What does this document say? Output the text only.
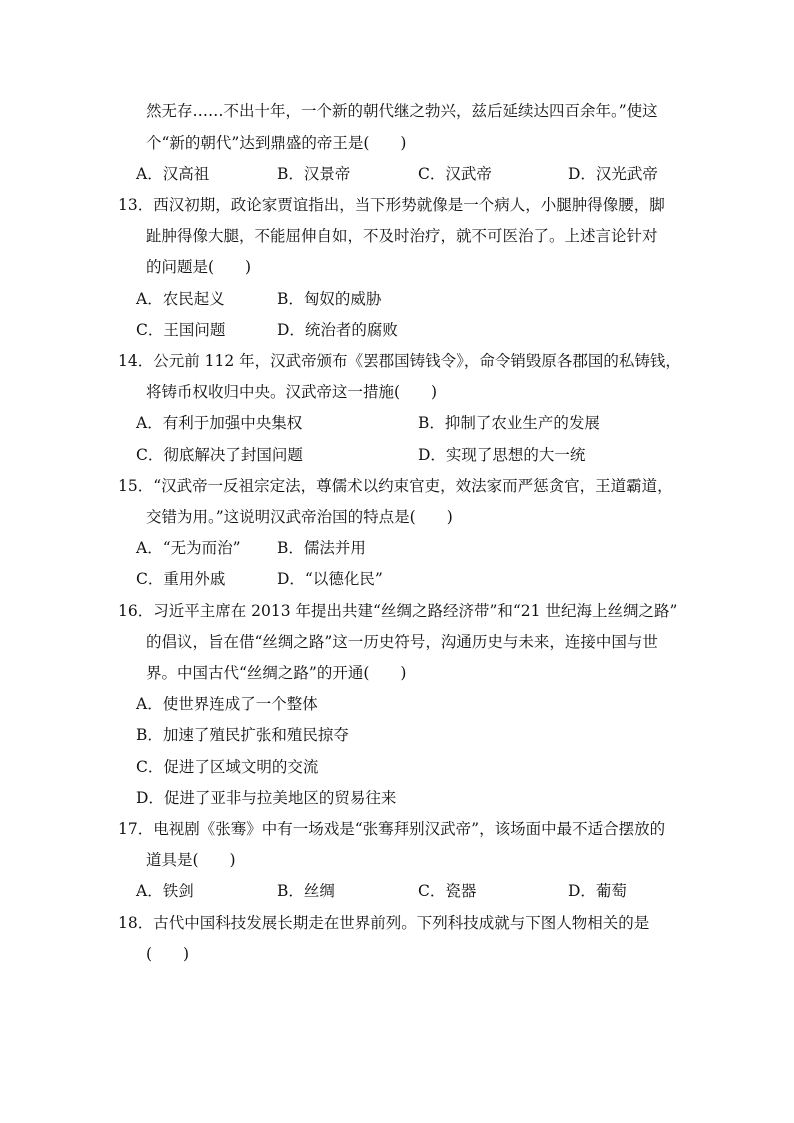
然无存……不出十年，一个新的朝代继之勃兴，兹后延续达四百余年。”使这
个“新的朝代”达到鼎盛的帝王是(　　)
A．汉高祖	B．汉景帝	C．汉武帝	D．汉光武帝
13．西汉初期，政论家贾谊指出，当下形势就像是一个病人，小腿肿得像腰，脚
趾肿得像大腿，不能屈伸自如，不及时治疗，就不可医治了。上述言论针对
的问题是(　　)
A．农民起义	B．匈奴的威胁
C．王国问题	D．统治者的腐败
14．公元前 112 年，汉武帝颁布《罢郡国铸钱令》，命令销毁原各郡国的私铸钱，
将铸币权收归中央。汉武帝这一措施(　　)
A．有利于加强中央集权	B．抑制了农业生产的发展
C．彻底解决了封国问题	D．实现了思想的大一统
15．“汉武帝一反祖宗定法，尊儒术以约束官吏，效法家而严惩贪官，王道霸道，
交错为用。”这说明汉武帝治国的特点是(　　)
A．“无为而治” B．儒法并用
C．重用外戚	D．“以德化民”
16．习近平主席在 2013 年提出共建“丝绸之路经济带”和“21 世纪海上丝绸之路”
的倡议，旨在借“丝绸之路”这一历史符号，沟通历史与未来，连接中国与世
界。中国古代“丝绸之路”的开通(　　)
A．使世界连成了一个整体
B．加速了殖民扩张和殖民掠夺
C．促进了区域文明的交流
D．促进了亚非与拉美地区的贸易往来
17．电视剧《张骞》中有一场戏是“张骞拜别汉武帝”，该场面中最不适合摆放的
道具是(　　)
A．铁剑	B．丝绸	C．瓷器	D．葡萄
18．古代中国科技发展长期走在世界前列。下列科技成就与下图人物相关的是
(　　)
